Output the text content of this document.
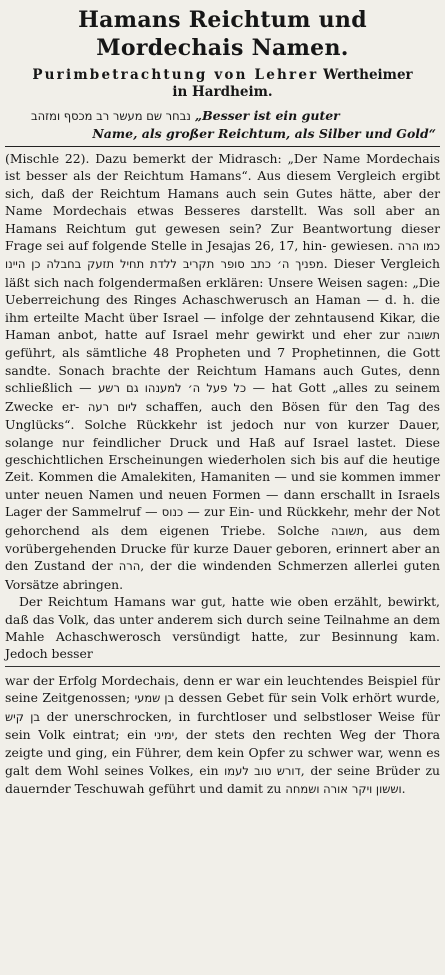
Hamans Reichtum und
Mordechais Namen.
Purimbetrachtung von Lehrer Wertheimer
in Hardheim.
נבחר שם מעשר רב מכסף ומזהב „Besser ist ein guter
Name, als großer Reichtum, als Silber und Gold“

(Mischle 22). Dazu bemerkt der Midrasch: „Der Name Mordechais ist besser als der Reichtum Hamans“. Aus diesem Vergleich ergibt sich, daß der Reichtum Hamans auch sein Gutes hätte, aber der Name Mordechais etwas Besseres darstellt. Was soll aber an Hamans Reichtum gut gewesen sein? Zur Beantwortung dieser Frage sei auf folgende Stelle in Jesajas 26, 17, hin- gewiesen. כמו הרה תקריב ללדת תחיל תזעק בחבלה כן היינו כתב סופר מפניך ה׳. Dieser Vergleich läßt sich nach folgendermaßen erklären: Unsere Weisen sagen: „Die Ueberreichung des Ringes Achaschwerusch an Haman — d. h. die ihm erteilte Macht über Israel — infolge der zehntausend Kikar, die Haman anbot, hatte auf Israel mehr gewirkt und eher zur תשובה geführt, als sämtliche 48 Propheten und 7 Prophetinnen, die Gott sandte. Sonach brachte der Reichtum Hamans auch Gutes, denn schließlich — כל פעל ה׳ למענהו גם רשע — hat Gott „alles zu seinem Zwecke er- ליום רעה schaffen, auch den Bösen für den Tag des Unglücks“. Solche Rückkehr ist jedoch nur von kurzer Dauer, solange nur feindlicher Druck und Haß auf Israel lastet. Diese geschichtlichen Erscheinungen wiederholen sich bis auf die heutige Zeit. Kommen die Amalekiten, Hamaniten — und sie kommen immer unter neuen Namen und neuen Formen — dann erschallt in Israels Lager der Sammelruf — כנוס — zur Ein- und Rückkehr, mehr der Not gehorchend als dem eigenen Triebe. Solche תשובה, aus dem vorübergehenden Drucke für kurze Dauer geboren, erinnert aber an den Zustand der הרה, der die windenden Schmerzen allerlei guten Vorsätze abringen.

Der Reichtum Hamans war gut, hatte wie oben erzählt, bewirkt, daß das Volk, das unter anderem sich durch seine Teilnahme an dem Mahle Achaschwerosch versündigt hatte, zur Besinnung kam. Jedoch besser

war der Erfolg Mordechais, denn er war ein leuchtendes Beispiel für seine Zeitgenossen; בן שמעי dessen Gebet für sein Volk erhört wurde, בן קיש der unerschrocken, in furchtloser und selbstloser Weise für sein Volk eintrat; ein ימיני, der stets den rechten Weg der Thora zeigte und ging, ein Führer, dem kein Opfer zu schwer war, wenn es galt dem Wohl seines Volkes, ein דורש טוב לעמו, der seine Brüder zu dauernder Teschuwah geführt und damit zu אורה ושמחה וששון ויקר.
